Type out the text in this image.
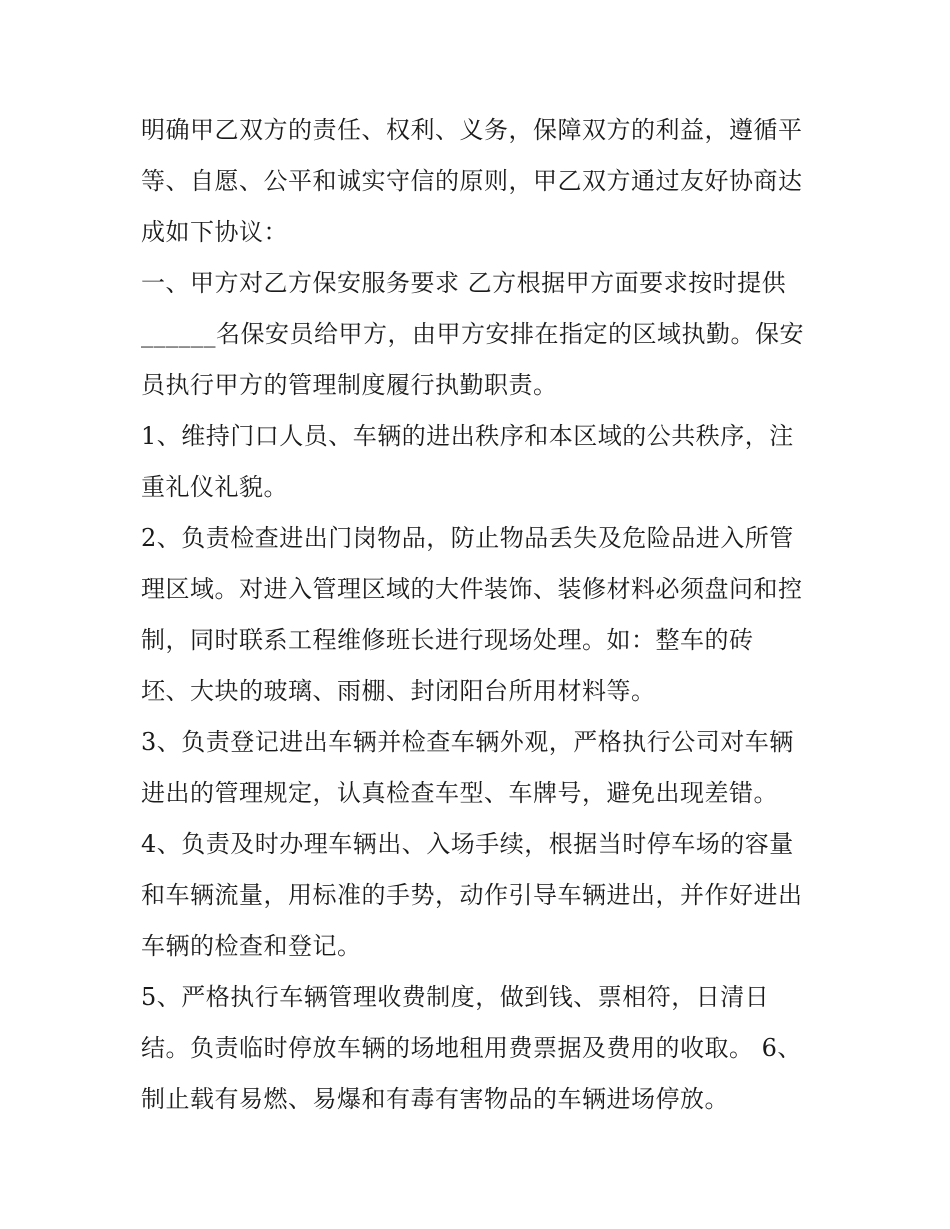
明确甲乙双方的责任、权利、义务，保障双方的利益，遵循平
等、自愿、公平和诚实守信的原则，甲乙双方通过友好协商达
成如下协议：
一、甲方对乙方保安服务要求 乙方根据甲方面要求按时提供
______名保安员给甲方，由甲方安排在指定的区域执勤。保安
员执行甲方的管理制度履行执勤职责。
1、维持门口人员、车辆的进出秩序和本区域的公共秩序，注
重礼仪礼貌。
2、负责检查进出门岗物品，防止物品丢失及危险品进入所管
理区域。对进入管理区域的大件装饰、装修材料必须盘问和控
制，同时联系工程维修班长进行现场处理。如：整车的砖
坯、大块的玻璃、雨棚、封闭阳台所用材料等。
3、负责登记进出车辆并检查车辆外观，严格执行公司对车辆
进出的管理规定，认真检查车型、车牌号，避免出现差错。
4、负责及时办理车辆出、入场手续，根据当时停车场的容量
和车辆流量，用标准的手势，动作引导车辆进出，并作好进出
车辆的检查和登记。
5、严格执行车辆管理收费制度，做到钱、票相符，日清日
结。负责临时停放车辆的场地租用费票据及费用的收取。 6、
制止载有易燃、易爆和有毒有害物品的车辆进场停放。
